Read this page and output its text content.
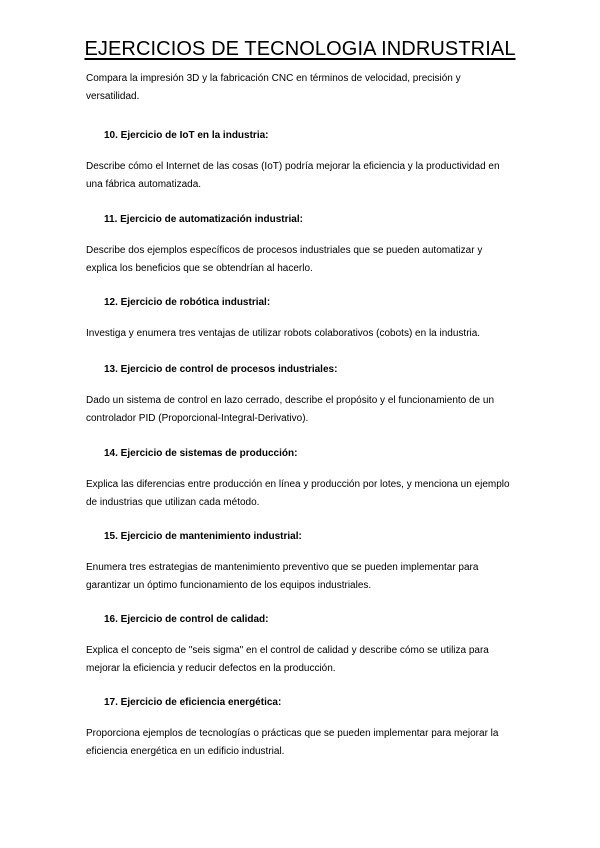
EJERCICIOS DE TECNOLOGIA INDRUSTRIAL

Compara la impresión 3D y la fabricación CNC en términos de velocidad, precisión y versatilidad.

10. Ejercicio de IoT en la industria:

Describe cómo el Internet de las cosas (IoT) podría mejorar la eficiencia y la productividad en una fábrica automatizada.

11. Ejercicio de automatización industrial:

Describe dos ejemplos específicos de procesos industriales que se pueden automatizar y explica los beneficios que se obtendrían al hacerlo.

12. Ejercicio de robótica industrial:

Investiga y enumera tres ventajas de utilizar robots colaborativos (cobots) en la industria.

13. Ejercicio de control de procesos industriales:

Dado un sistema de control en lazo cerrado, describe el propósito y el funcionamiento de un controlador PID (Proporcional-Integral-Derivativo).

14. Ejercicio de sistemas de producción:

Explica las diferencias entre producción en línea y producción por lotes, y menciona un ejemplo de industrias que utilizan cada método.

15. Ejercicio de mantenimiento industrial:

Enumera tres estrategias de mantenimiento preventivo que se pueden implementar para garantizar un óptimo funcionamiento de los equipos industriales.

16. Ejercicio de control de calidad:

Explica el concepto de "seis sigma" en el control de calidad y describe cómo se utiliza para mejorar la eficiencia y reducir defectos en la producción.

17. Ejercicio de eficiencia energética:

Proporciona ejemplos de tecnologías o prácticas que se pueden implementar para mejorar la eficiencia energética en un edificio industrial.
